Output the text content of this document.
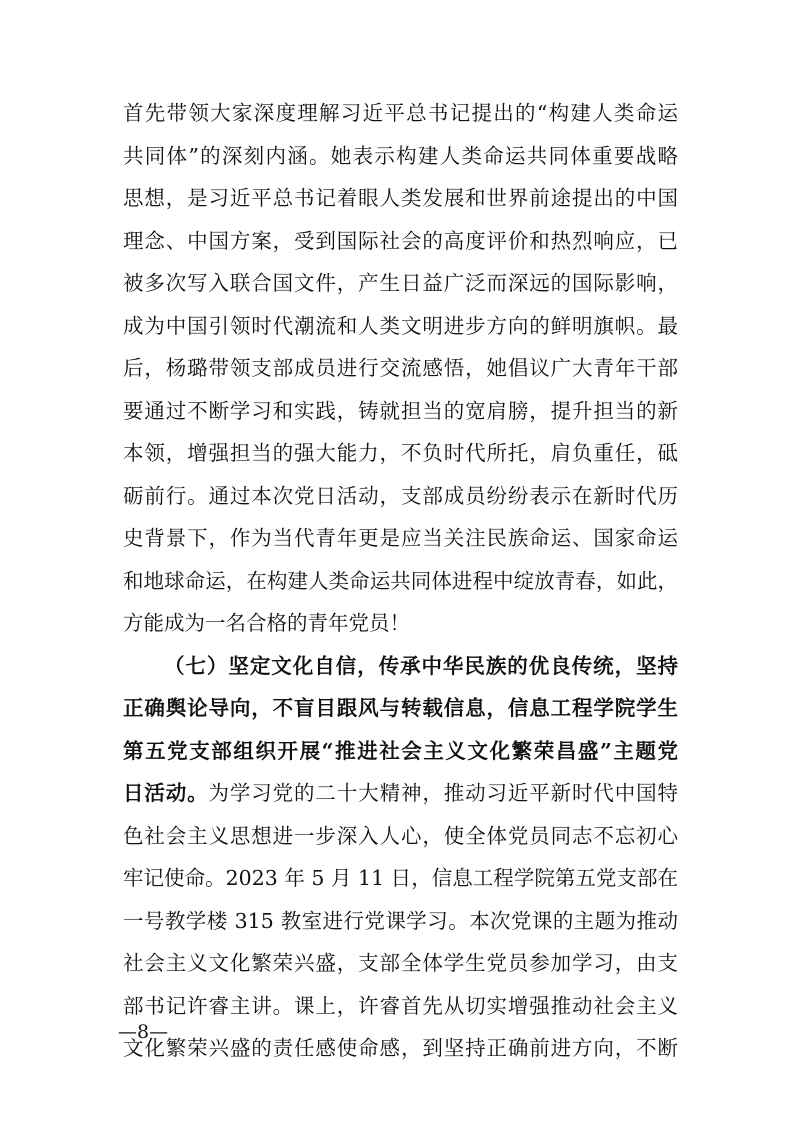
首先带领大家深度理解习近平总书记提出的“构建人类命运
共同体”的深刻内涵。她表示构建人类命运共同体重要战略
思想，是习近平总书记着眼人类发展和世界前途提出的中国
理念、中国方案，受到国际社会的高度评价和热烈响应，已
被多次写入联合国文件，产生日益广泛而深远的国际影响，
成为中国引领时代潮流和人类文明进步方向的鲜明旗帜。最
后，杨璐带领支部成员进行交流感悟，她倡议广大青年干部
要通过不断学习和实践，铸就担当的宽肩膀，提升担当的新
本领，增强担当的强大能力，不负时代所托，肩负重任，砥
砺前行。通过本次党日活动，支部成员纷纷表示在新时代历
史背景下，作为当代青年更是应当关注民族命运、国家命运
和地球命运，在构建人类命运共同体进程中绽放青春，如此，
方能成为一名合格的青年党员！
（七）坚定文化自信，传承中华民族的优良传统，坚持
正确舆论导向，不盲目跟风与转载信息，信息工程学院学生
第五党支部组织开展“推进社会主义文化繁荣昌盛”主题党
日活动。为学习党的二十大精神，推动习近平新时代中国特
色社会主义思想进一步深入人心，使全体党员同志不忘初心
牢记使命。2023 年 5 月 11 日，信息工程学院第五党支部在
一号教学楼 315 教室进行党课学习。本次党课的主题为推动
社会主义文化繁荣兴盛，支部全体学生党员参加学习，由支
部书记许睿主讲。课上，许睿首先从切实增强推动社会主义
文化繁荣兴盛的责任感使命感，到坚持正确前进方向，不断
—8—
